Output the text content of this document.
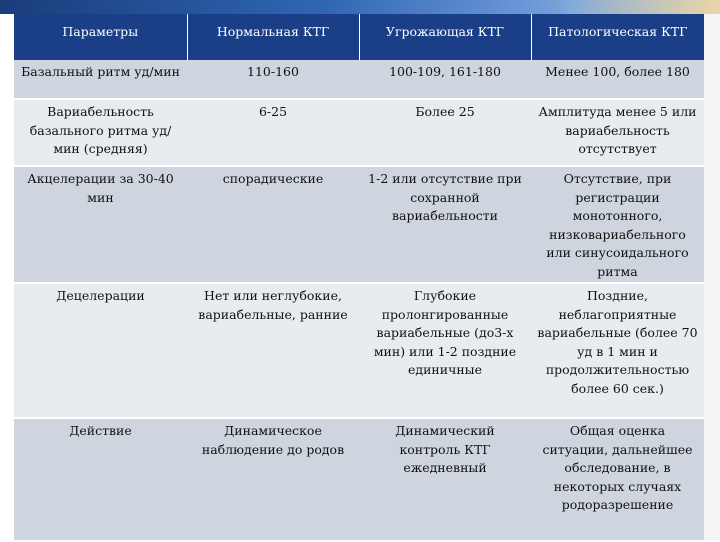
Параметры	Нормальная КТГ	Угрожающая КТГ	Патологическая КТГ
Базальный ритм уд/мин	110-160	100-109, 161-180	Менее 100, более 180
Вариабельность базального ритма уд/мин (средняя)	6-25	Более 25	Амплитуда менее 5 или вариабельность отсутствует
Акцелерации за 30-40 мин	спорадические	1-2 или отсутствие при сохранной вариабельности	Отсутствие, при регистрации монотонного, низковариабельного или синусоидального ритма
Децелерации	Нет или неглубокие, вариабельные, ранние	Глубокие пролонгированные вариабельные (до3-х мин) или 1-2 поздние единичные	Поздние, неблагоприятные вариабельные (более 70 уд в 1 мин и продолжительностью более 60 сек.)
Действие	Динамическое наблюдение до родов	Динамический контроль КТГ ежедневный	Общая оценка ситуации, дальнейшее обследование, в некоторых случаях родоразрешение
